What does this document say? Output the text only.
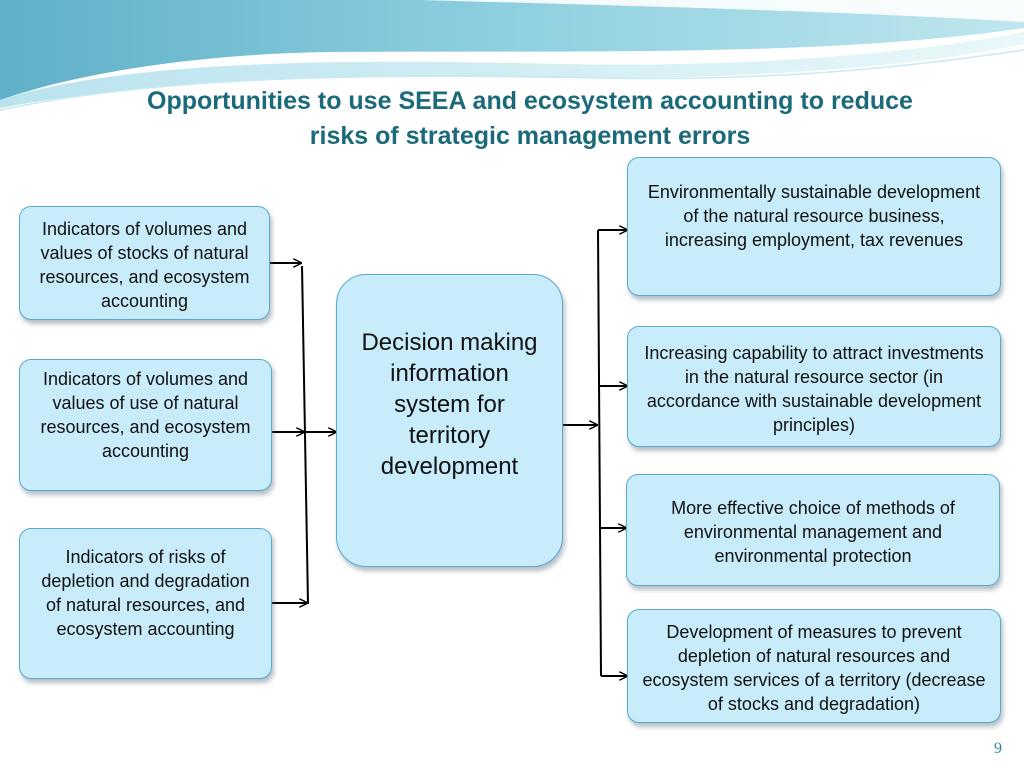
Opportunities to use SEEA and ecosystem accounting to reduce
risks of strategic management errors
Indicators of volumes and values of stocks of natural resources, and ecosystem accounting
Indicators of volumes and values of use of natural resources, and ecosystem accounting
Indicators of risks of depletion and degradation of natural resources, and ecosystem accounting
Decision making information system for territory development
Environmentally sustainable development of the natural resource business, increasing employment, tax revenues
Increasing capability to attract investments in the natural resource sector (in accordance with sustainable development principles)
More effective choice of methods of environmental management and environmental protection
Development of measures to prevent depletion of natural resources and ecosystem services of a territory (decrease of stocks and degradation)
9
